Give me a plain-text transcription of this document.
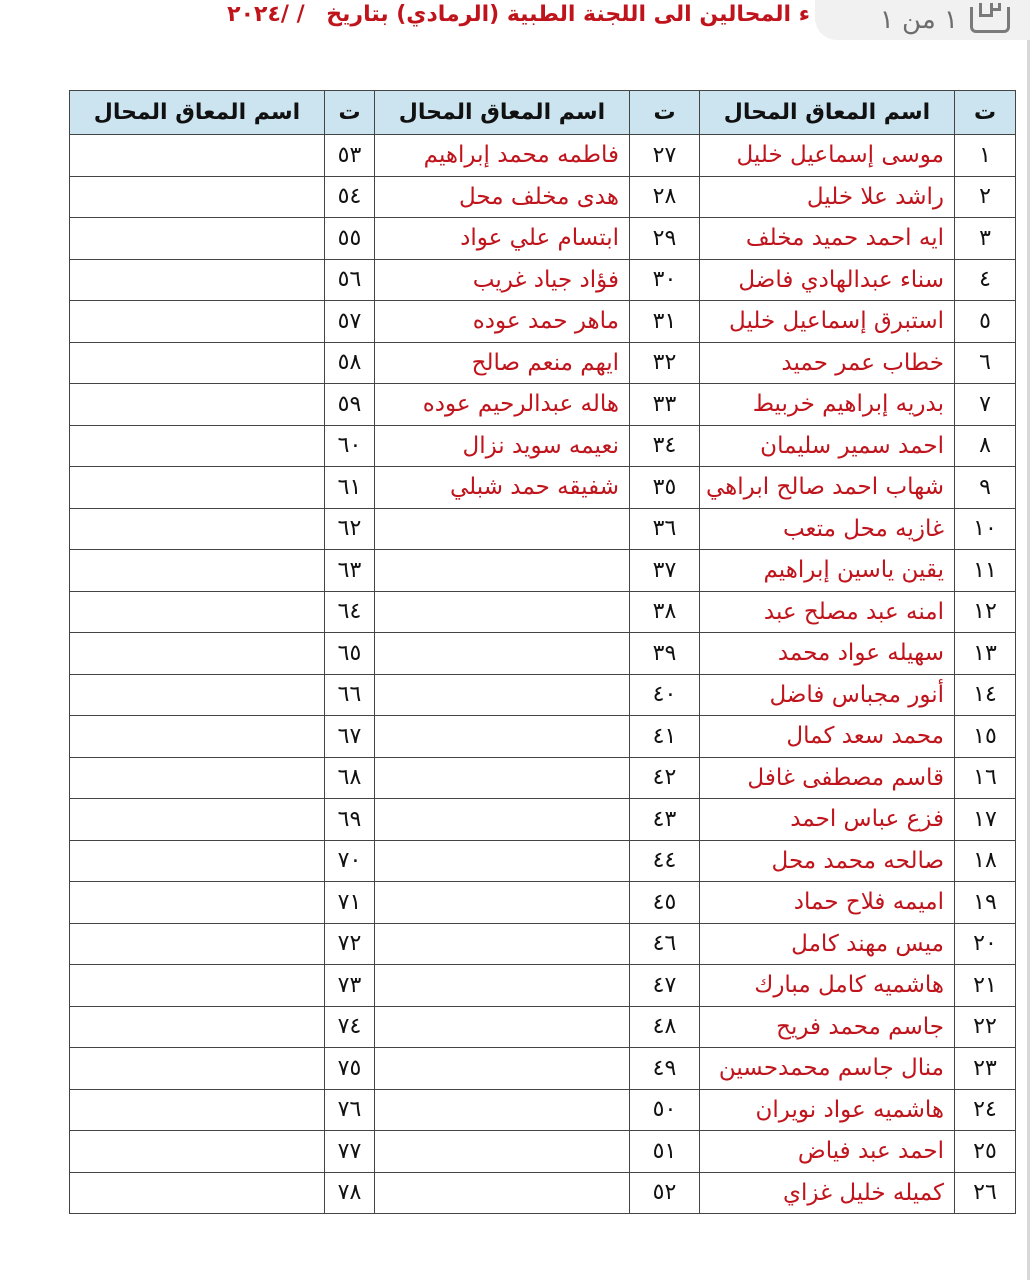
ء المحالين الى اللجنة الطبية (الرمادي) بتاريخ / /٢٠٢٤	١ من ١
ت	اسم المعاق المحال	ت	اسم المعاق المحال	ت	اسم المعاق المحال
١	موسى إسماعيل خليل	٢٧	فاطمه محمد إبراهيم	٥٣	
٢	راشد علا خليل	٢٨	هدى مخلف محل	٥٤	
٣	ايه احمد حميد مخلف	٢٩	ابتسام علي عواد	٥٥	
٤	سناء عبدالهادي فاضل	٣٠	فؤاد جياد غريب	٥٦	
٥	استبرق إسماعيل خليل	٣١	ماهر حمد عوده	٥٧	
٦	خطاب عمر حميد	٣٢	ايهم منعم صالح	٥٨	
٧	بدريه إبراهيم خربيط	٣٣	هاله عبدالرحيم عوده	٥٩	
٨	احمد سمير سليمان	٣٤	نعيمه سويد نزال	٦٠	
٩	شهاب احمد صالح ابراهي	٣٥	شفيقه حمد شبلي	٦١	
١٠	غازيه محل متعب	٣٦		٦٢	
١١	يقين ياسين إبراهيم	٣٧		٦٣	
١٢	امنه عبد مصلح عبد	٣٨		٦٤	
١٣	سهيله عواد محمد	٣٩		٦٥	
١٤	أنور مجباس فاضل	٤٠		٦٦	
١٥	محمد سعد كمال	٤١		٦٧	
١٦	قاسم مصطفى غافل	٤٢		٦٨	
١٧	فزع عباس احمد	٤٣		٦٩	
١٨	صالحه محمد محل	٤٤		٧٠	
١٩	اميمه فلاح حماد	٤٥		٧١	
٢٠	ميس مهند كامل	٤٦		٧٢	
٢١	هاشميه كامل مبارك	٤٧		٧٣	
٢٢	جاسم محمد فريح	٤٨		٧٤	
٢٣	منال جاسم محمدحسين	٤٩		٧٥	
٢٤	هاشميه عواد نويران	٥٠		٧٦	
٢٥	احمد عبد فياض	٥١		٧٧	
٢٦	كميله خليل غزاي	٥٢		٧٨	
